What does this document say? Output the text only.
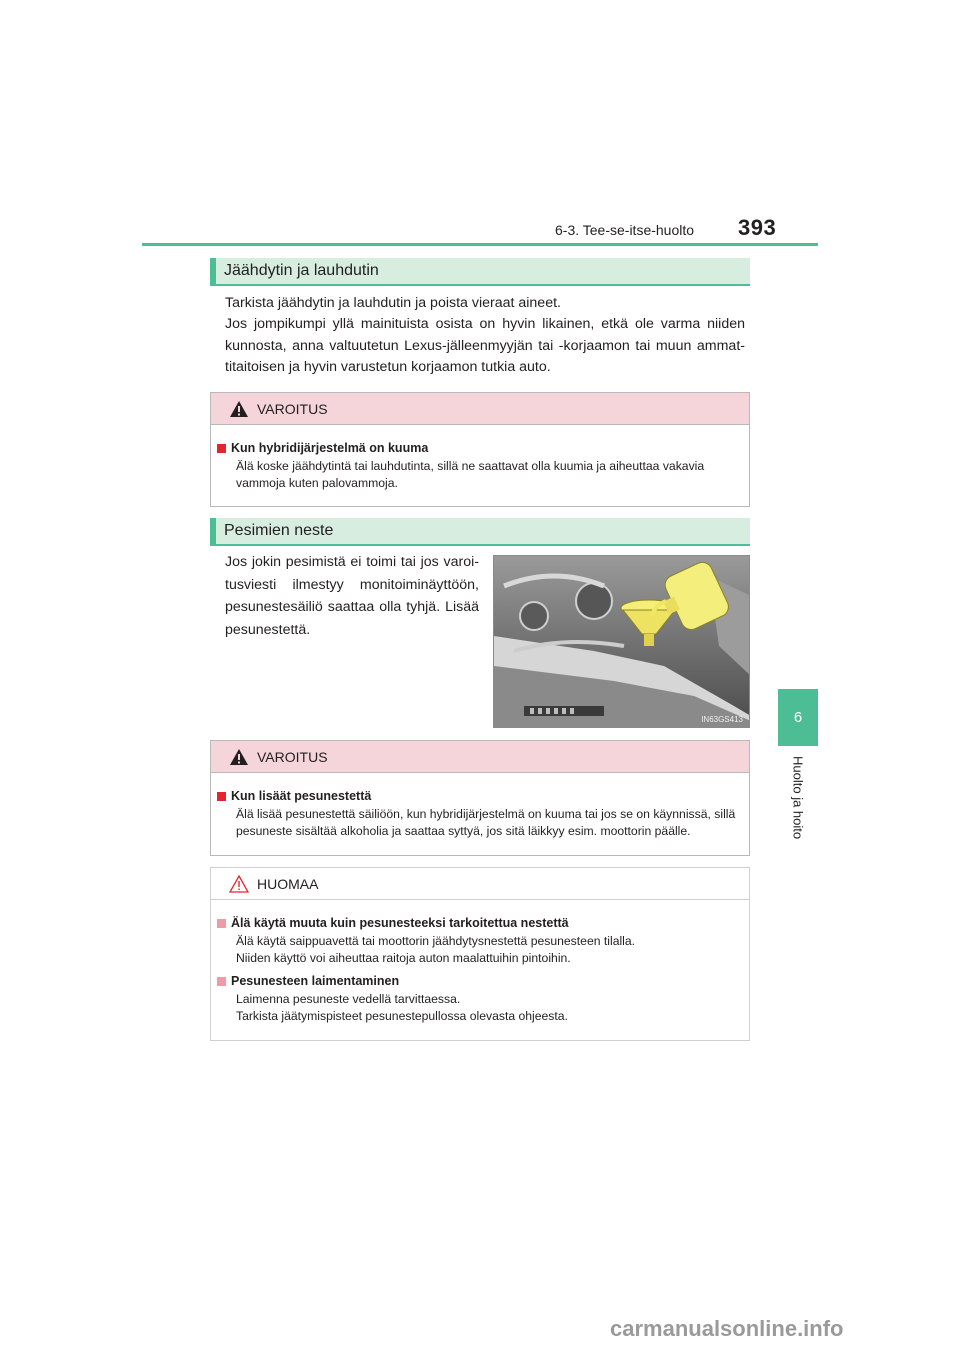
6-3. Tee-se-itse-huolto 393
6
Huolto ja hoito
Jäähdytin ja lauhdutin
Tarkista jäähdytin ja lauhdutin ja poista vieraat aineet.
Jos jompikumpi yllä mainituista osista on hyvin likainen, etkä ole varma niiden kunnosta, anna valtuutetun Lexus-jälleenmyyjän tai -korjaamon tai muun ammat-titaitoisen ja hyvin varustetun korjaamon tutkia auto.
VAROITUS
Kun hybridijärjestelmä on kuuma
Älä koske jäähdytintä tai lauhdutinta, sillä ne saattavat olla kuumia ja aiheuttaa vakavia vammoja kuten palovammoja.
Pesimien neste
Jos jokin pesimistä ei toimi tai jos varoi-tusviesti ilmestyy monitoiminäyttöön, pesunestesäiliö saattaa olla tyhjä. Lisää pesunestettä.
IN63GS413
VAROITUS
Kun lisäät pesunestettä
Älä lisää pesunestettä säiliöön, kun hybridijärjestelmä on kuuma tai jos se on käynnissä, sillä pesuneste sisältää alkoholia ja saattaa syttyä, jos sitä läikkyy esim. moottorin päälle.
HUOMAA
Älä käytä muuta kuin pesunesteeksi tarkoitettua nestettä
Älä käytä saippuavettä tai moottorin jäähdytysnestettä pesunesteen tilalla.
Niiden käyttö voi aiheuttaa raitoja auton maalattuihin pintoihin.
Pesunesteen laimentaminen
Laimenna pesuneste vedellä tarvittaessa.
Tarkista jäätymispisteet pesunestepullossa olevasta ohjeesta.
carmanualsonline.info
